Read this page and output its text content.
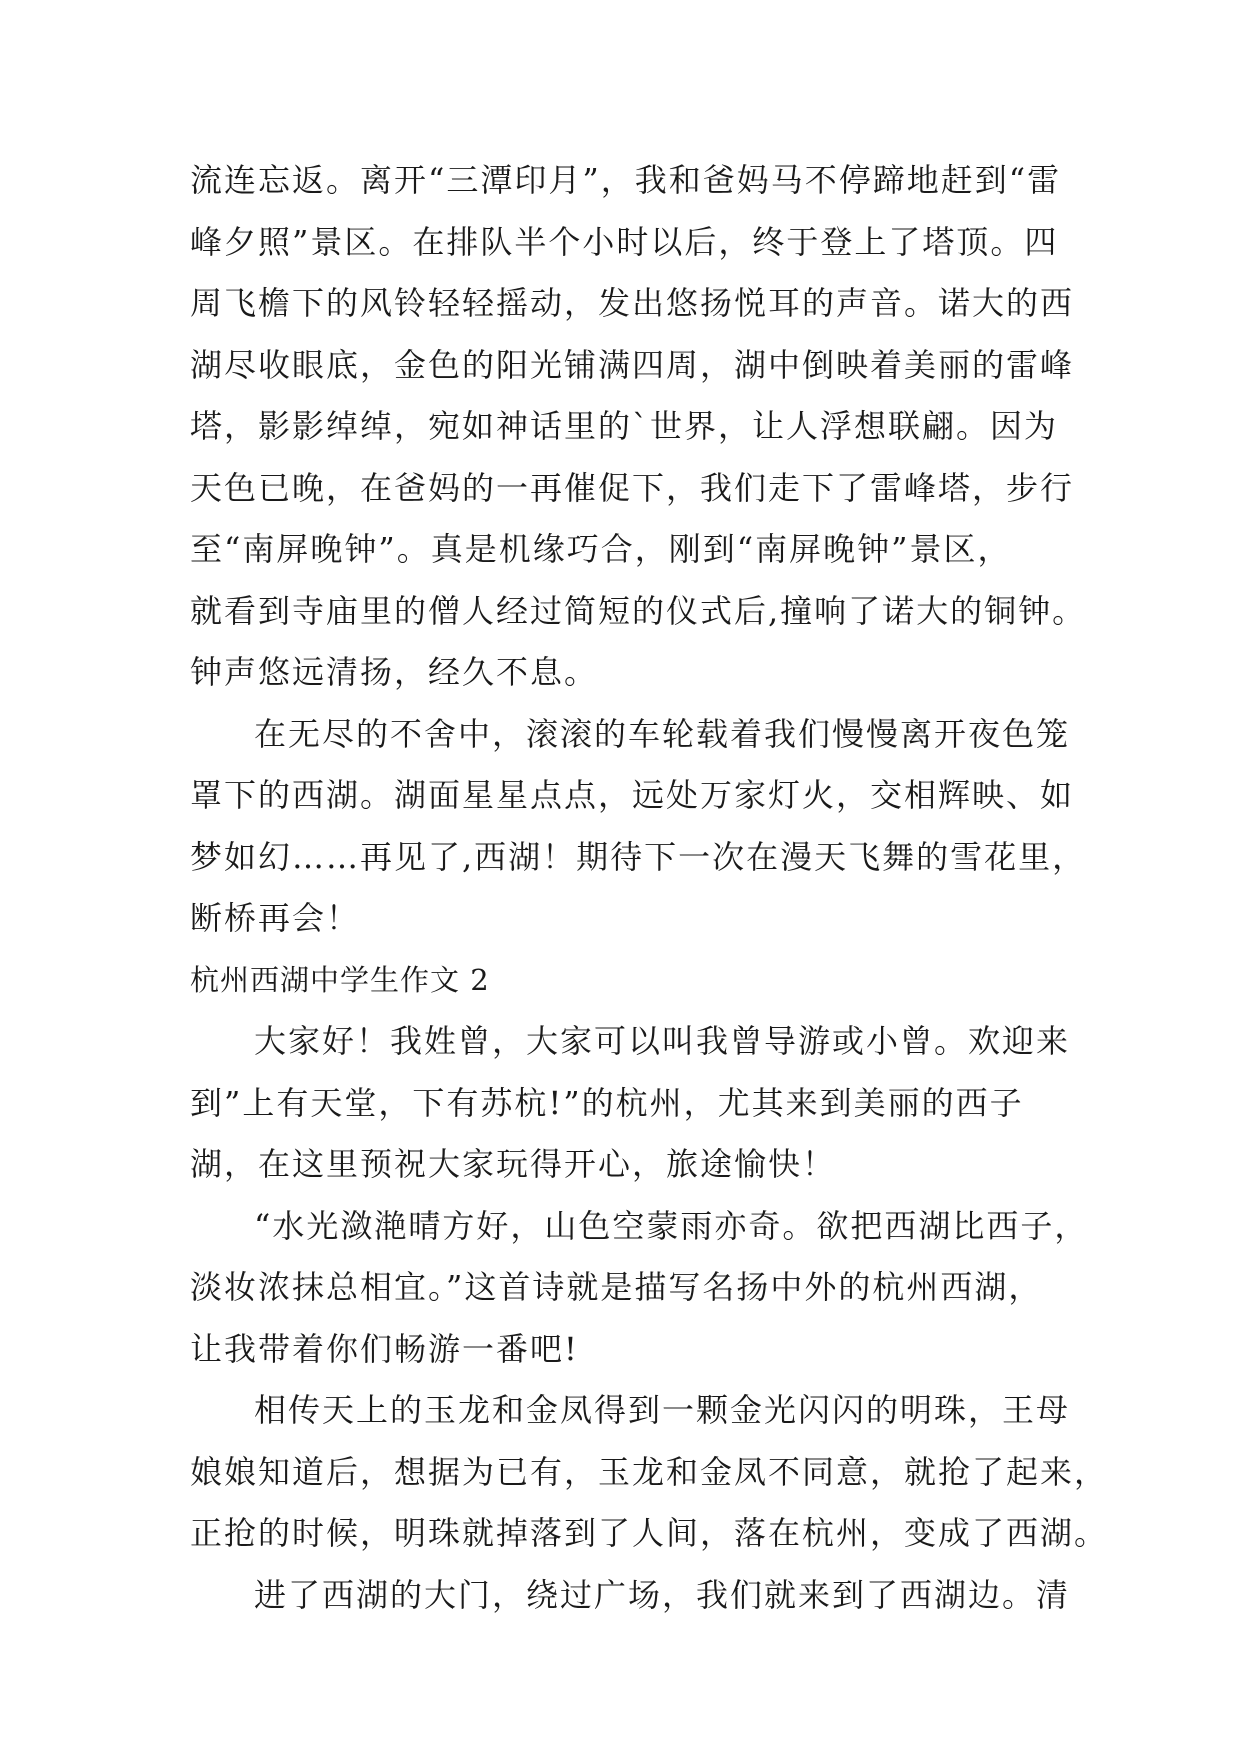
流连忘返。离开“三潭印月”，我和爸妈马不停蹄地赶到“雷
峰夕照”景区。在排队半个小时以后，终于登上了塔顶。四
周飞檐下的风铃轻轻摇动，发出悠扬悦耳的声音。诺大的西
湖尽收眼底，金色的阳光铺满四周，湖中倒映着美丽的雷峰
塔，影影绰绰，宛如神话里的`世界，让人浮想联翩。因为
天色已晚，在爸妈的一再催促下，我们走下了雷峰塔，步行
至“南屏晚钟”。真是机缘巧合，刚到“南屏晚钟”景区，
就看到寺庙里的僧人经过简短的仪式后,撞响了诺大的铜钟。
钟声悠远清扬，经久不息。
在无尽的不舍中，滚滚的车轮载着我们慢慢离开夜色笼
罩下的西湖。湖面星星点点，远处万家灯火，交相辉映、如
梦如幻……再见了,西湖！期待下一次在漫天飞舞的雪花里，
断桥再会！
杭州西湖中学生作文 2
大家好！我姓曾，大家可以叫我曾导游或小曾。欢迎来
到”上有天堂，下有苏杭!”的杭州，尤其来到美丽的西子
湖，在这里预祝大家玩得开心，旅途愉快！
“水光潋滟晴方好，山色空蒙雨亦奇。欲把西湖比西子，
淡妆浓抹总相宜。”这首诗就是描写名扬中外的杭州西湖，
让我带着你们畅游一番吧!
相传天上的玉龙和金凤得到一颗金光闪闪的明珠，王母
娘娘知道后，想据为已有，玉龙和金凤不同意，就抢了起来，
正抢的时候，明珠就掉落到了人间，落在杭州，变成了西湖。
进了西湖的大门，绕过广场，我们就来到了西湖边。清
